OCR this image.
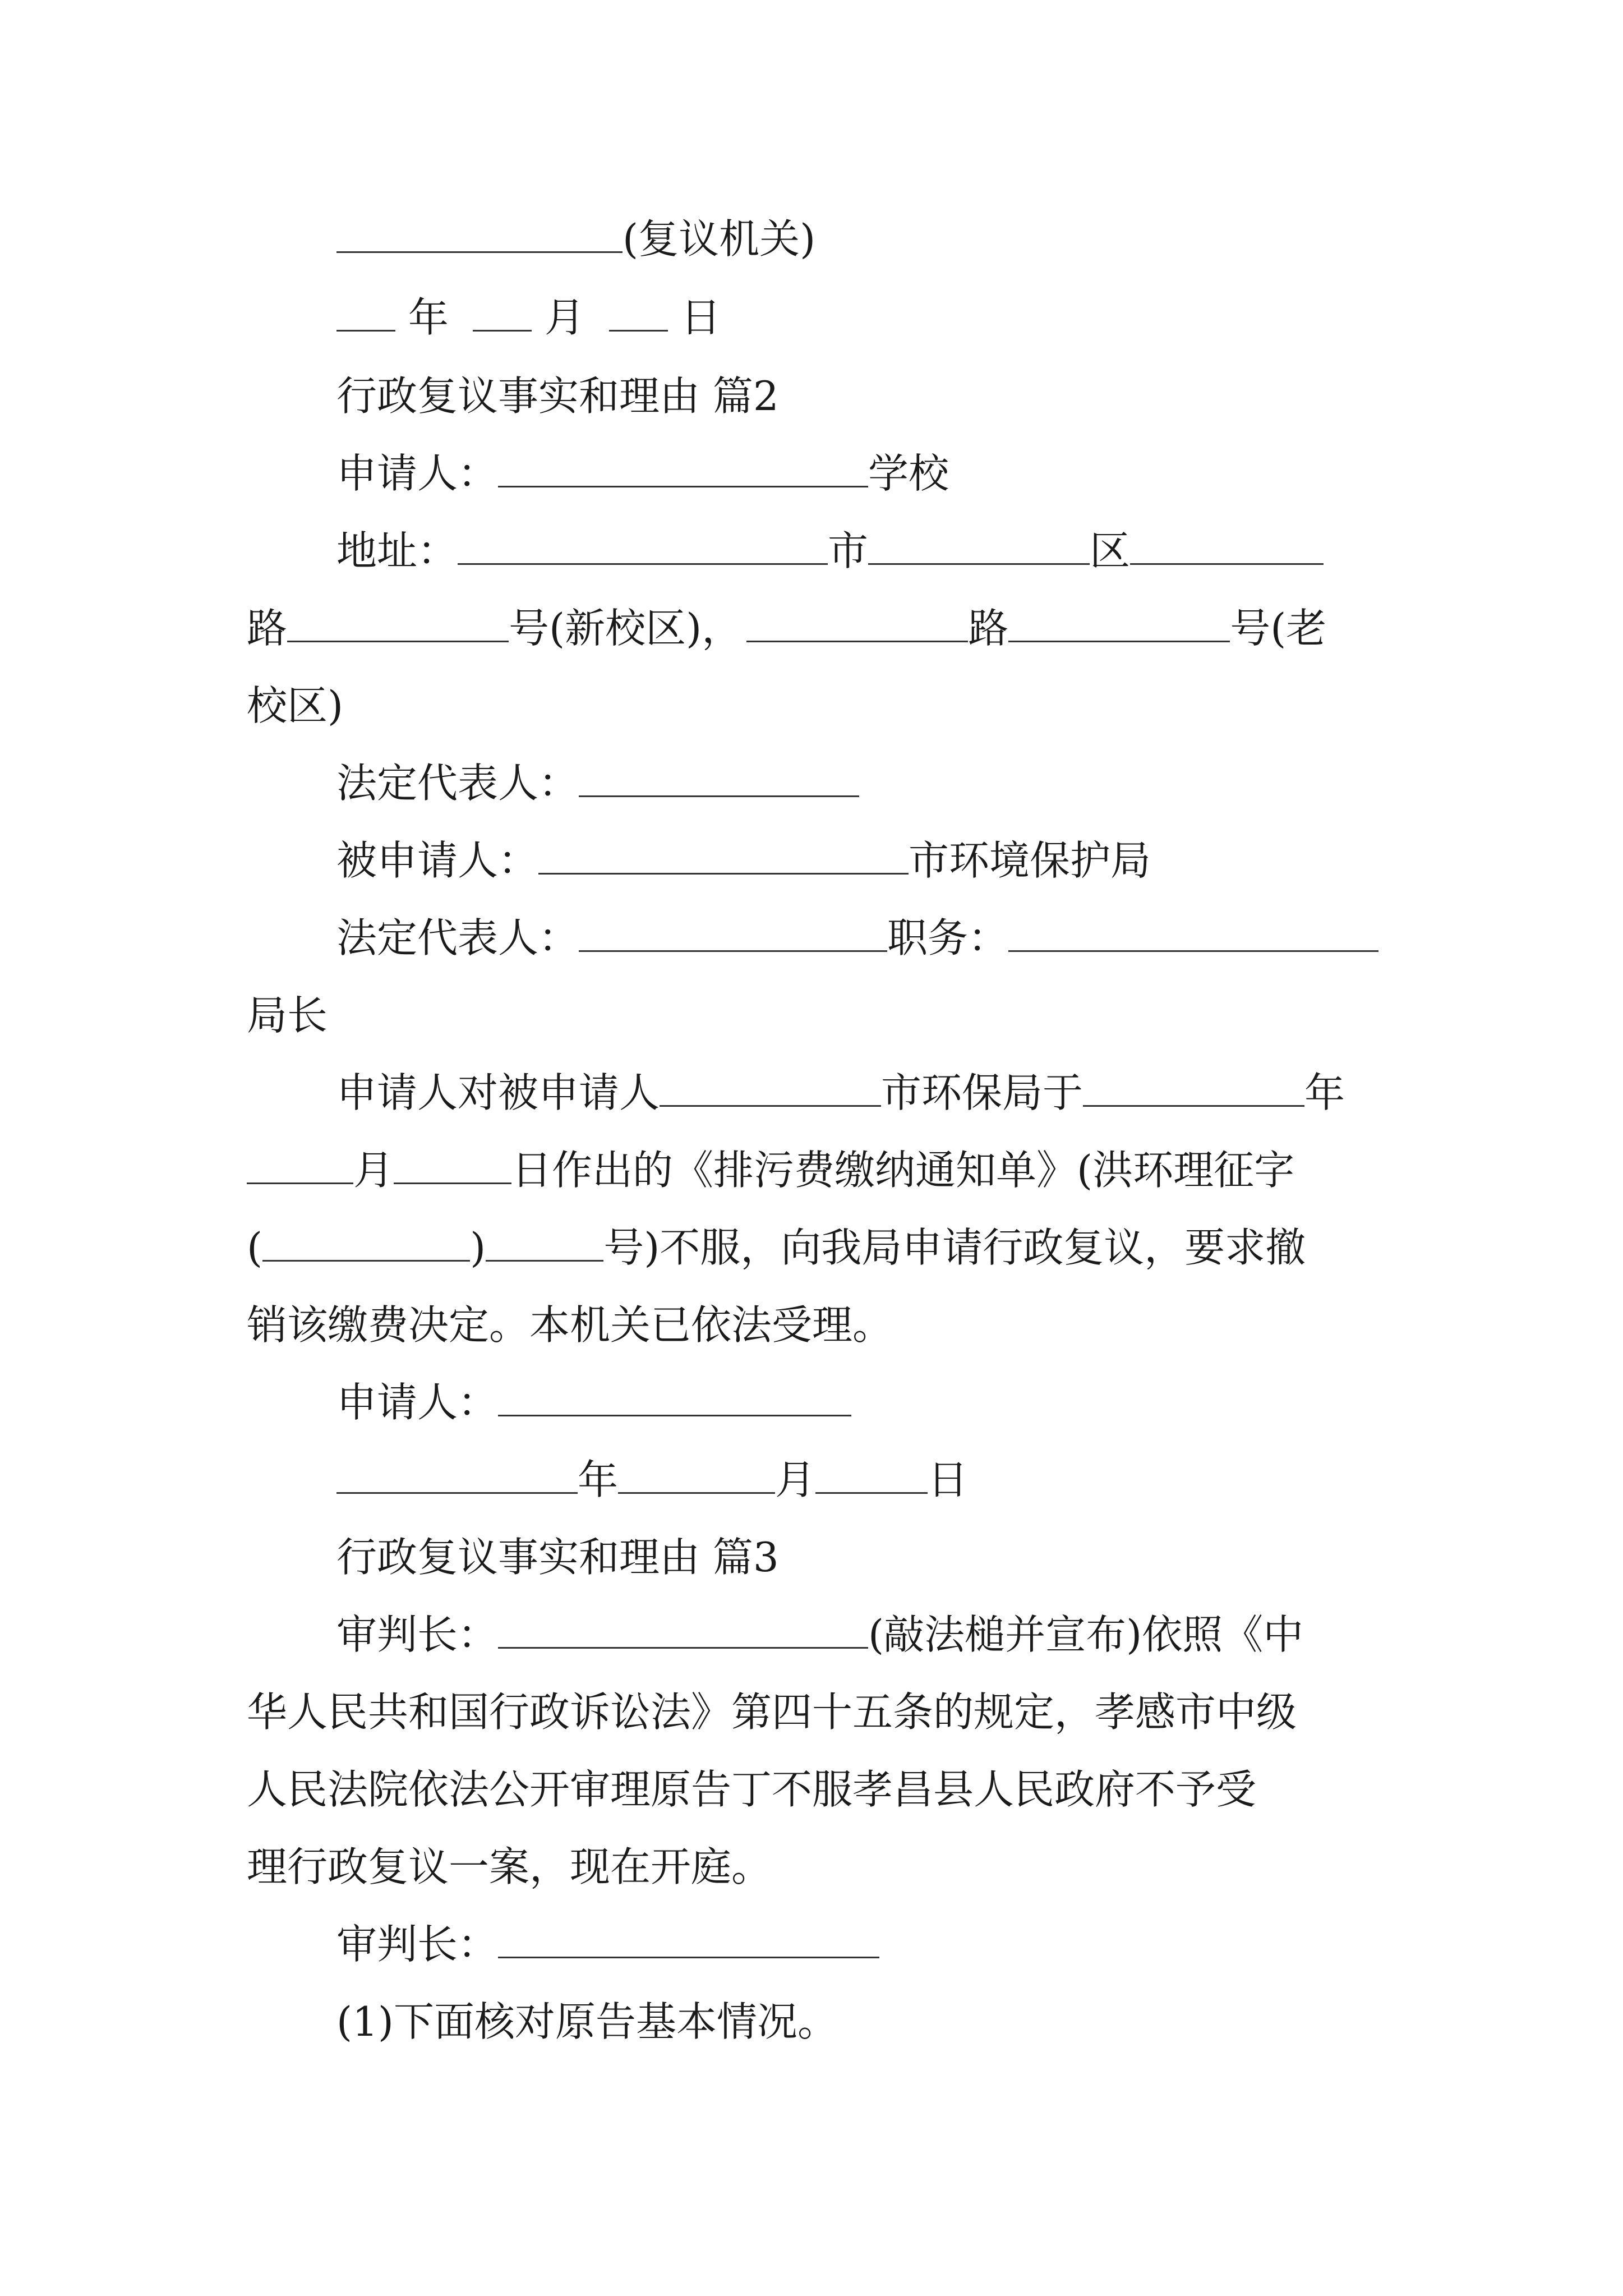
(复议机关)
年 月 日
行政复议事实和理由 篇2
申请人：	学校
地址：	市	区
路	号(新校区)，	路	号(老
校区)
法定代表人：
被申请人：	市环境保护局
法定代表人：	职务：
局长
申请人对被申请人	市环保局于	年
月	日作出的《排污费缴纳通知单》(洪环理征字
(	)	号)不服，向我局申请行政复议，要求撤
销该缴费决定。本机关已依法受理。
申请人：
年	月	日
行政复议事实和理由 篇3
审判长：	(敲法槌并宣布)依照《中
华人民共和国行政诉讼法》第四十五条的规定，孝感市中级
人民法院依法公开审理原告丁不服孝昌县人民政府不予受
理行政复议一案，现在开庭。
审判长：
(1)下面核对原告基本情况。
